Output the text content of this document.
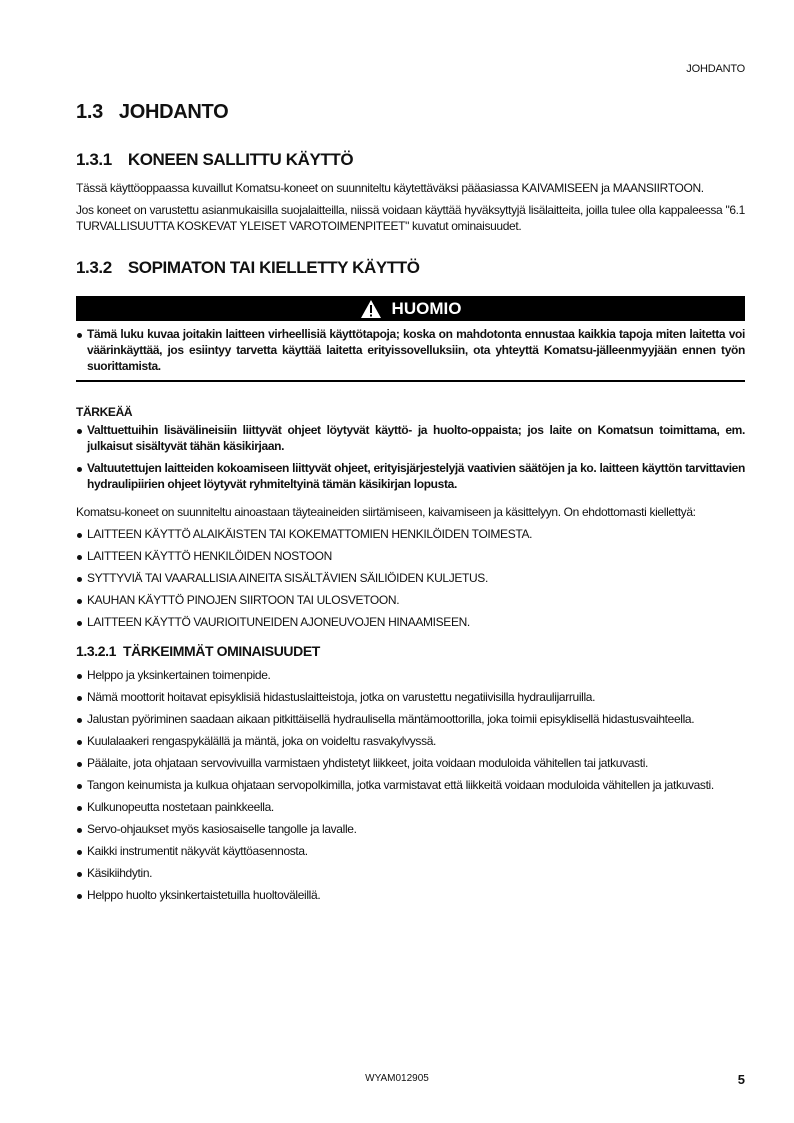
JOHDANTO
1.3 JOHDANTO
1.3.1 KONEEN SALLITTU KÄYTTÖ
Tässä käyttöoppaassa kuvaillut Komatsu-koneet on suunniteltu käytettäväksi pääasiassa KAIVAMISEEN ja MAANSIIRTOON.
Jos koneet on varustettu asianmukaisilla suojalaitteilla, niissä voidaan käyttää hyväksyttyjä lisälaitteita, joilla tulee olla kappaleessa "6.1 TURVALLISUUTTA KOSKEVAT YLEISET VAROTOIMENPITEET" kuvatut ominaisuudet.
1.3.2 SOPIMATON TAI KIELLETTY KÄYTTÖ
HUOMIO
Tämä luku kuvaa joitakin laitteen virheellisiä käyttötapoja; koska on mahdotonta ennustaa kaikkia tapoja miten laitetta voi väärinkäyttää, jos esiintyy tarvetta käyttää laitetta erityissovelluksiin, ota yhteyttä Komatsu-jälleenmyyjään ennen työn suorittamista.
TÄRKEÄÄ
Valttuettuihin lisävälineisiin liittyvät ohjeet löytyvät käyttö- ja huolto-oppaista; jos laite on Komatsun toimittama, em. julkaisut sisältyvät tähän käsikirjaan.
Valtuutettujen laitteiden kokoamiseen liittyvät ohjeet, erityisjärjestelyjä vaativien säätöjen ja ko. laitteen käyttön tarvittavien hydraulipiirien ohjeet löytyvät ryhmiteltyinä tämän käsikirjan lopusta.
Komatsu-koneet on suunniteltu ainoastaan täyteaineiden siirtämiseen, kaivamiseen ja käsittelyyn. On ehdottomasti kiellettyä:
LAITTEEN KÄYTTÖ ALAIKÄISTEN TAI KOKEMATTOMIEN HENKILÖIDEN TOIMESTA.
LAITTEEN KÄYTTÖ HENKILÖIDEN NOSTOON
SYTTYVIÄ TAI VAARALLISIA AINEITA SISÄLTÄVIEN SÄILIÖIDEN KULJETUS.
KAUHAN KÄYTTÖ PINOJEN SIIRTOON TAI ULOSVETOON.
LAITTEEN KÄYTTÖ VAURIOITUNEIDEN AJONEUVOJEN HINAAMISEEN.
1.3.2.1 TÄRKEIMMÄT OMINAISUUDET
Helppo ja yksinkertainen toimenpide.
Nämä moottorit hoitavat episyklisiä hidastuslaitteistoja, jotka on varustettu negatiivisilla hydraulijarruilla.
Jalustan pyöriminen saadaan aikaan pitkittäisellä hydraulisella mäntämoottorilla, joka toimii episyklisellä hidastusvaihteella.
Kuulalaakeri rengaspykälällä ja mäntä, joka on voideltu rasvakylvyssä.
Päälaite, jota ohjataan servovivuilla varmistaen yhdistetyt liikkeet, joita voidaan moduloida vähitellen tai jatkuvasti.
Tangon keinumista ja kulkua ohjataan servopolkimilla, jotka varmistavat että liikkeitä voidaan moduloida vähitellen ja jatkuvasti.
Kulkunopeutta nostetaan painkkeella.
Servo-ohjaukset myös kasiosaiselle tangolle ja lavalle.
Kaikki instrumentit näkyvät käyttöasennosta.
Käsikiihdytin.
Helppo huolto yksinkertaistetuilla huoltoväleillä.
WYAM012905	5
